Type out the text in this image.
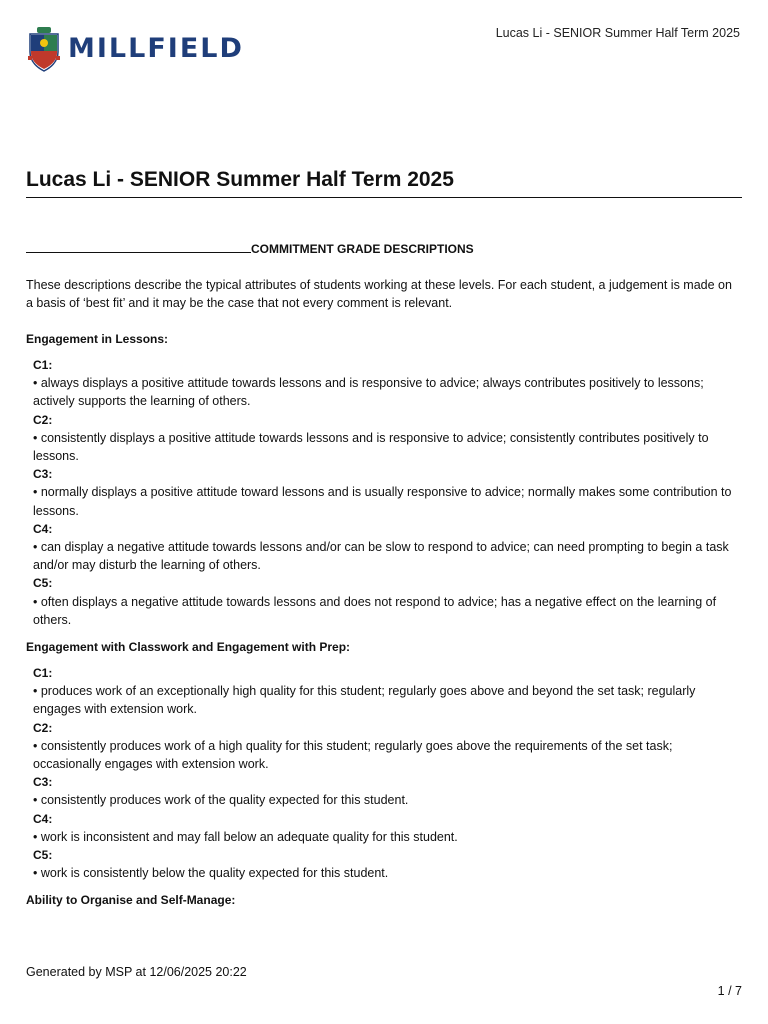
MILLFIELD	Lucas Li - SENIOR Summer Half Term 2025
Lucas Li - SENIOR Summer Half Term 2025
COMMITMENT GRADE DESCRIPTIONS

These descriptions describe the typical attributes of students working at these levels. For each student, a judgement is made on a basis of ‘best fit’ and it may be the case that not every comment is relevant.

Engagement in Lessons:
C1:
• always displays a positive attitude towards lessons and is responsive to advice; always contributes positively to lessons; actively supports the learning of others.
C2:
• consistently displays a positive attitude towards lessons and is responsive to advice; consistently contributes positively to lessons.
C3:
• normally displays a positive attitude toward lessons and is usually responsive to advice; normally makes some contribution to lessons.
C4:
• can display a negative attitude towards lessons and/or can be slow to respond to advice; can need prompting to begin a task and/or may disturb the learning of others.
C5:
• often displays a negative attitude towards lessons and does not respond to advice; has a negative effect on the learning of others.
Engagement with Classwork and Engagement with Prep:
C1:
• produces work of an exceptionally high quality for this student; regularly goes above and beyond the set task; regularly engages with extension work.
C2:
• consistently produces work of a high quality for this student; regularly goes above the requirements of the set task; occasionally engages with extension work.
C3:
• consistently produces work of the quality expected for this student.
C4:
• work is inconsistent and may fall below an adequate quality for this student.
C5:
• work is consistently below the quality expected for this student.
Ability to Organise and Self-Manage:
Generated by MSP at 12/06/2025 20:22
1 / 7
